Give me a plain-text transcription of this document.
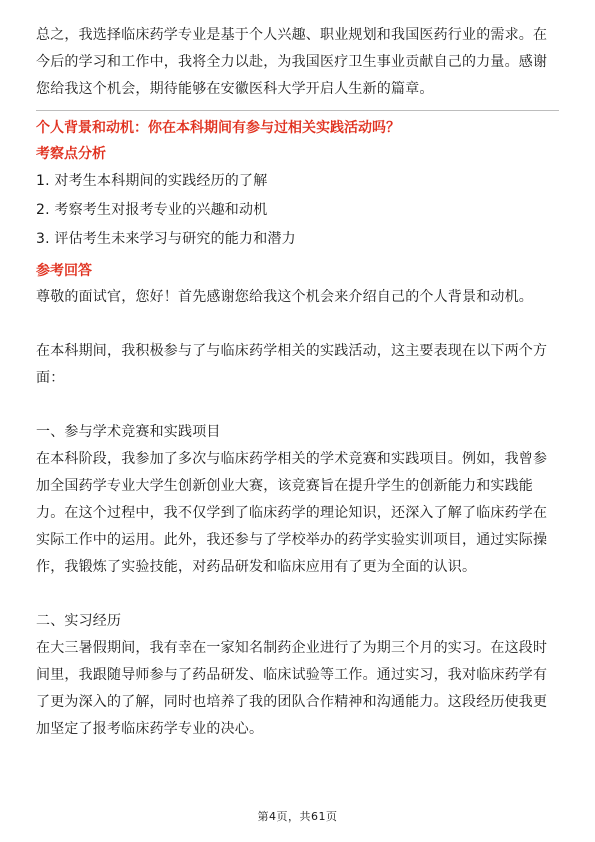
总之，我选择临床药学专业是基于个人兴趣、职业规划和我国医药行业的需求。在今后的学习和工作中，我将全力以赴，为我国医疗卫生事业贡献自己的力量。感谢您给我这个机会，期待能够在安徽医科大学开启人生新的篇章。

个人背景和动机：你在本科期间有参与过相关实践活动吗？
考察点分析

1. 对考生本科期间的实践经历的了解

2. 考察考生对报考专业的兴趣和动机

3. 评估考生未来学习与研究的能力和潜力

参考回答

尊敬的面试官，您好！首先感谢您给我这个机会来介绍自己的个人背景和动机。

在本科期间，我积极参与了与临床药学相关的实践活动，这主要表现在以下两个方面：

一、参与学术竞赛和实践项目

在本科阶段，我参加了多次与临床药学相关的学术竞赛和实践项目。例如，我曾参加全国药学专业大学生创新创业大赛，该竞赛旨在提升学生的创新能力和实践能力。在这个过程中，我不仅学到了临床药学的理论知识，还深入了解了临床药学在实际工作中的运用。此外，我还参与了学校举办的药学实验实训项目，通过实际操作，我锻炼了实验技能，对药品研发和临床应用有了更为全面的认识。

二、实习经历

在大三暑假期间，我有幸在一家知名制药企业进行了为期三个月的实习。在这段时间里，我跟随导师参与了药品研发、临床试验等工作。通过实习，我对临床药学有了更为深入的了解，同时也培养了我的团队合作精神和沟通能力。这段经历使我更加坚定了报考临床药学专业的决心。

第4页，共61页
